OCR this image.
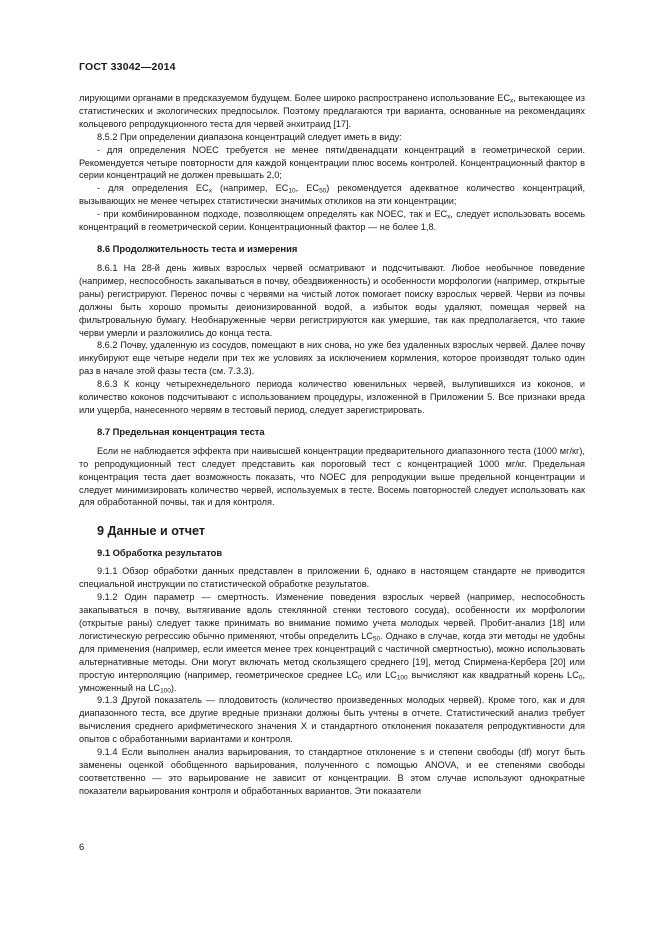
ГОСТ 33042—2014

лирующими органами в предсказуемом будущем. Более широко распространено использование $EC_x$, вытекающее из статистических и экологических предпосылок. Поэтому предлагаются три варианта, основанные на рекомендациях кольцевого репродукционного теста для червей энхитраид [17].

8.5.2 При определении диапазона концентраций следует иметь в виду:

- для определения NOEC требуется не менее пяти/двенадцати концентраций в геометрической серии. Рекомендуется четыре повторности для каждой концентрации плюс восемь контролей. Концентрационный фактор в серии концентраций не должен превышать 2,0;

- для определения $EC_x$ (например, $EC_{10}$, $EC_{50}$) рекомендуется адекватное количество концентраций, вызывающих не менее четырех статистически значимых откликов на эти концентрации;

- при комбинированном подходе, позволяющем определять как NOEC, так и $EC_x$, следует использовать восемь концентраций в геометрической серии. Концентрационный фактор — не более 1,8.

8.6 Продолжительность теста и измерения

8.6.1 На 28-й день живых взрослых червей осматривают и подсчитывают. Любое необычное поведение (например, неспособность закапываться в почву, обездвиженность) и особенности морфологии (например, открытые раны) регистрируют. Перенос почвы с червями на чистый лоток помогает поиску взрослых червей. Черви из почвы должны быть хорошо промыты деионизированной водой, а избыток воды удаляют, помещая червей на фильтровальную бумагу. Необнаруженные черви регистрируются как умершие, так как предполагается, что такие черви умерли и разложились до конца теста.

8.6.2 Почву, удаленную из сосудов, помещают в них снова, но уже без удаленных взрослых червей. Далее почву инкубируют еще четыре недели при тех же условиях за исключением кормления, которое производят только один раз в начале этой фазы теста (см. 7.3.3).

8.6.3 К концу четырехнедельного периода количество ювенильных червей, вылупившихся из коконов, и количество коконов подсчитывают с использованием процедуры, изложенной в Приложении 5. Все признаки вреда или ущерба, нанесенного червям в тестовый период, следует зарегистрировать.

8.7 Предельная концентрация теста

Если не наблюдается эффекта при наивысшей концентрации предварительного диапазонного теста (1000 мг/кг), то репродукционный тест следует представить как пороговый тест с концентрацией 1000 мг/кг. Предельная концентрация теста дает возможность показать, что NOEC для репродукции выше предельной концентрации и следует минимизировать количество червей, используемых в тесте. Восемь повторностей следует использовать как для обработанной почвы, так и для контроля.

9 Данные и отчет
9.1 Обработка результатов

9.1.1 Обзор обработки данных представлен в приложении 6, однако в настоящем стандарте не приводится специальной инструкции по статистической обработке результатов.

9.1.2 Один параметр — смертность. Изменение поведения взрослых червей (например, неспособность закапываться в почву, вытягивание вдоль стеклянной стенки тестового сосуда), особенности их морфологии (открытые раны) следует также принимать во внимание помимо учета молодых червей. Пробит-анализ [18] или логистическую регрессию обычно применяют, чтобы определить $LC_{50}$. Однако в случае, когда эти методы не удобны для применения (например, если имеется менее трех концентраций с частичной смертностью), можно использовать альтернативные методы. Они могут включать метод скользящего среднего [19], метод Спирмена-Кербера [20] или простую интерполяцию (например, геометрическое среднее $LC_0$ или $LC_{100}$ вычисляют как квадратный корень $LC_0$, умноженный на $LC_{100}$).

9.1.3 Другой показатель — плодовитость (количество произведенных молодых червей). Кроме того, как и для диапазонного теста, все другие вредные признаки должны быть учтены в отчете. Статистический анализ требует вычисления среднего арифметического значения X и стандартного отклонения показателя репродуктивности для опытов с обработанными вариантами и контроля.

9.1.4 Если выполнен анализ варьирования, то стандартное отклонение s и степени свободы (df) могут быть заменены оценкой обобщенного варьирования, полученного с помощью ANOVA, и ее степенями свободы соответственно — это варьирование не зависит от концентрации. В этом случае используют однократные показатели варьирования контроля и обработанных вариантов. Эти показатели

6
